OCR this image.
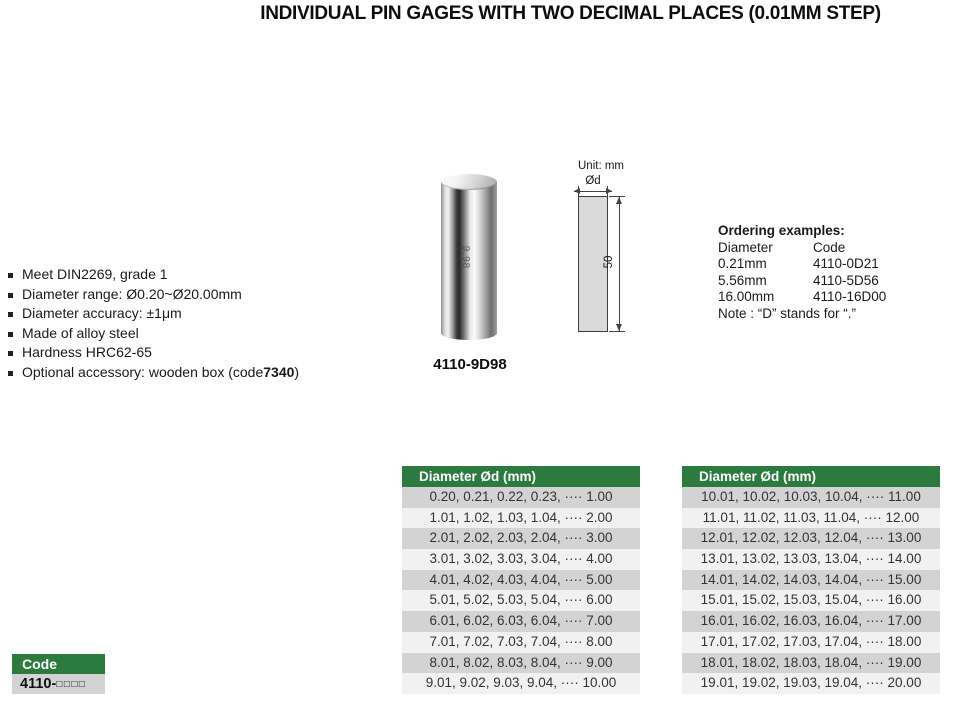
INDIVIDUAL PIN GAGES WITH TWO DECIMAL PLACES (0.01MM STEP)
Meet DIN2269, grade 1
Diameter range: Ø0.20~Ø20.00mm
Diameter accuracy: ±1μm
Made of alloy steel
Hardness HRC62-65
Optional accessory: wooden box (code 7340 )
9.98
4110-9D98
Unit: mm
Ød
50
Ordering examples:
Diameter	Code
0.21mm	4110-0D21
5.56mm	4110-5D56
16.00mm	4110-16D00
Note : “D” stands for “.”
Diameter Ød (mm)
0.20, 0.21, 0.22, 0.23, ···· 1.00
1.01, 1.02, 1.03, 1.04, ···· 2.00
2.01, 2.02, 2.03, 2.04, ···· 3.00
3.01, 3.02, 3.03, 3.04, ···· 4.00
4.01, 4.02, 4.03, 4.04, ···· 5.00
5.01, 5.02, 5.03, 5.04, ···· 6.00
6.01, 6.02, 6.03, 6.04, ···· 7.00
7.01, 7.02, 7.03, 7.04, ···· 8.00
8.01, 8.02, 8.03, 8.04, ···· 9.00
9.01, 9.02, 9.03, 9.04, ···· 10.00
Diameter Ød (mm)
10.01, 10.02, 10.03, 10.04, ···· 11.00
11.01, 11.02, 11.03, 11.04, ···· 12.00
12.01, 12.02, 12.03, 12.04, ···· 13.00
13.01, 13.02, 13.03, 13.04, ···· 14.00
14.01, 14.02, 14.03, 14.04, ···· 15.00
15.01, 15.02, 15.03, 15.04, ···· 16.00
16.01, 16.02, 16.03, 16.04, ···· 17.00
17.01, 17.02, 17.03, 17.04, ···· 18.00
18.01, 18.02, 18.03, 18.04, ···· 19.00
19.01, 19.02, 19.03, 19.04, ···· 20.00
Code
4110-□□□□
